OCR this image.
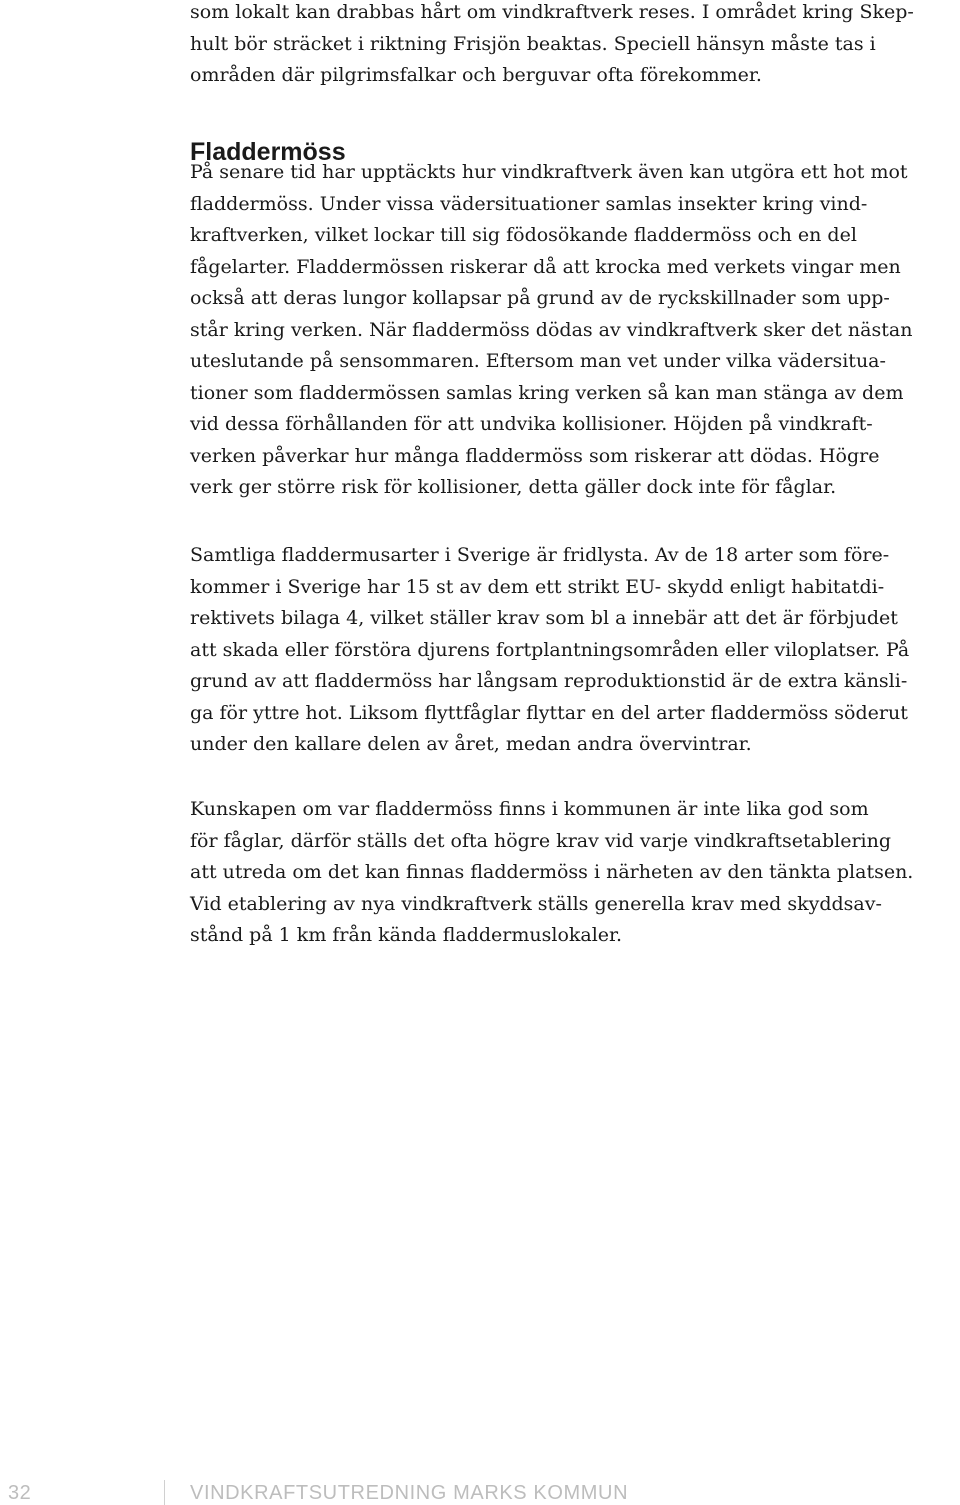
som lokalt kan drabbas hårt om vindkraftverk reses. I området kring Skep-
hult bör sträcket i riktning Frisjön beaktas. Speciell hänsyn måste tas i
områden där pilgrimsfalkar och berguvar ofta förekommer.

Fladdermöss

På senare tid har upptäckts hur vindkraftverk även kan utgöra ett hot mot
fladdermöss. Under vissa vädersituationer samlas insekter kring vind-
kraftverken, vilket lockar till sig födosökande fladdermöss och en del
fågelarter. Fladdermössen riskerar då att krocka med verkets vingar men
också att deras lungor kollapsar på grund av de ryckskillnader som upp-
står kring verken. När fladdermöss dödas av vindkraftverk sker det nästan
uteslutande på sensommaren. Eftersom man vet under vilka vädersitua-
tioner som fladdermössen samlas kring verken så kan man stänga av dem
vid dessa förhållanden för att undvika kollisioner. Höjden på vindkraft-
verken påverkar hur många fladdermöss som riskerar att dödas. Högre
verk ger större risk för kollisioner, detta gäller dock inte för fåglar.

Samtliga fladdermusarter i Sverige är fridlysta. Av de 18 arter som före-
kommer i Sverige har 15 st av dem ett strikt EU- skydd enligt habitatdi-
rektivets bilaga 4, vilket ställer krav som bl a innebär att det är förbjudet
att skada eller förstöra djurens fortplantningsområden eller viloplatser. På
grund av att fladdermöss har långsam reproduktionstid är de extra känsli-
ga för yttre hot. Liksom flyttfåglar flyttar en del arter fladdermöss söderut
under den kallare delen av året, medan andra övervintrar.

Kunskapen om var fladdermöss finns i kommunen är inte lika god som
för fåglar, därför ställs det ofta högre krav vid varje vindkraftsetablering
att utreda om det kan finnas fladdermöss i närheten av den tänkta platsen.
Vid etablering av nya vindkraftverk ställs generella krav med skyddsav-
stånd på 1 km från kända fladdermuslokaler.

32	VINDKRAFTSUTREDNING MARKS KOMMUN
